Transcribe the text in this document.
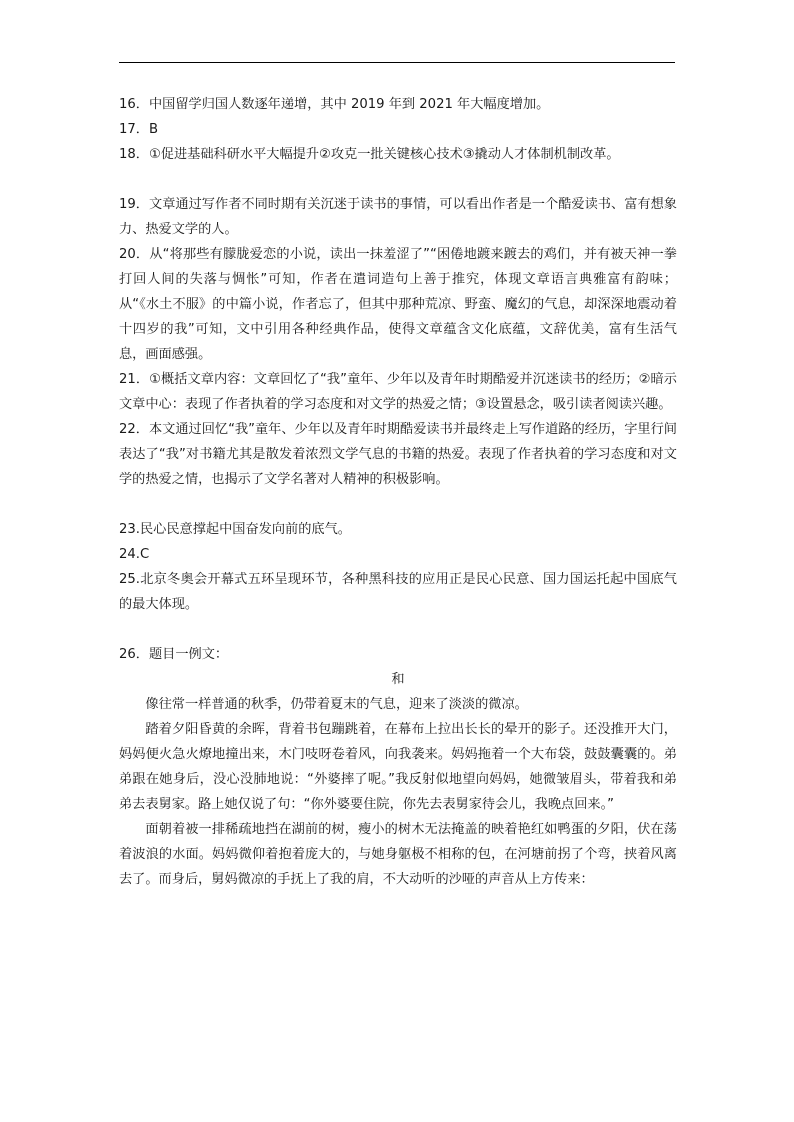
16．中国留学归国人数逐年递增，其中 2019 年到 2021 年大幅度增加。

17．B

18．①促进基础科研水平大幅提升②攻克一批关键核心技术③撬动人才体制机制改革。

19．文章通过写作者不同时期有关沉迷于读书的事情，可以看出作者是一个酷爱读书、富有想象力、热爱文学的人。

20．从“将那些有朦胧爱恋的小说，读出一抹羞涩了”“困倦地踱来踱去的鸡们，并有被天神一拳打回人间的失落与惆怅”可知，作者在遣词造句上善于推究，体现文章语言典雅富有韵味；从“《水土不服》的中篇小说，作者忘了，但其中那种荒凉、野蛮、魔幻的气息，却深深地震动着十四岁的我”可知，文中引用各种经典作品，使得文章蕴含文化底蕴，文辞优美，富有生活气息，画面感强。

21．①概括文章内容：文章回忆了“我”童年、少年以及青年时期酷爱并沉迷读书的经历；②暗示文章中心：表现了作者执着的学习态度和对文学的热爱之情；③设置悬念，吸引读者阅读兴趣。

22．本文通过回忆“我”童年、少年以及青年时期酷爱读书并最终走上写作道路的经历，字里行间表达了“我”对书籍尤其是散发着浓烈文学气息的书籍的热爱。表现了作者执着的学习态度和对文学的热爱之情，也揭示了文学名著对人精神的积极影响。

23.民心民意撑起中国奋发向前的底气。

24.C

25.北京冬奥会开幕式五环呈现环节，各种黑科技的应用正是民心民意、国力国运托起中国底气的最大体现。

26．题目一例文：

和

像往常一样普通的秋季，仍带着夏末的气息，迎来了淡淡的微凉。

踏着夕阳昏黄的余晖，背着书包蹦跳着，在幕布上拉出长长的晕开的影子。还没推开大门，妈妈便火急火燎地撞出来，木门吱呀卷着风，向我袭来。妈妈拖着一个大布袋，鼓鼓囊囊的。弟弟跟在她身后，没心没肺地说：“外婆摔了呢。”我反射似地望向妈妈，她微皱眉头，带着我和弟弟去表舅家。路上她仅说了句：“你外婆要住院，你先去表舅家待会儿，我晚点回来。”

面朝着被一排稀疏地挡在湖前的树，瘦小的树木无法掩盖的映着艳红如鸭蛋的夕阳，伏在荡着波浪的水面。妈妈微仰着抱着庞大的，与她身躯极不相称的包，在河塘前拐了个弯，挟着风离去了。而身后，舅妈微凉的手抚上了我的肩，不大动听的沙哑的声音从上方传来：
